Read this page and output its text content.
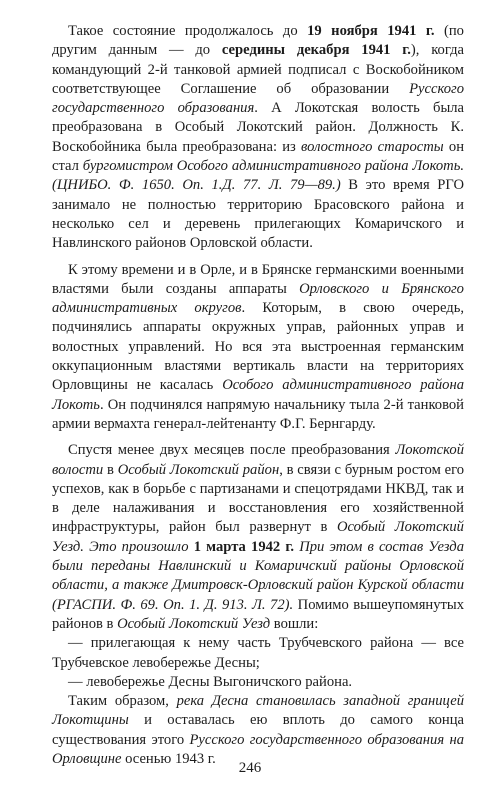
Такое состояние продолжалось до 19 ноября 1941 г. (по другим данным — до середины декабря 1941 г.), когда командующий 2-й танковой армией подписал с Воскобойником соответствующее Соглашение об образовании Русского государственного образования. А Локотская волость была преобразована в Особый Локотский район. Должность К. Воскобойника была преобразована: из волостного старосты он стал бургомистром Особого административного района Локоть. (ЦНИБО. Ф. 1650. Оп. 1.Д. 77. Л. 79—89.) В это время РГО занимало не полностью территорию Брасовского района и несколько сел и деревень прилегающих Комаричского и Навлинского районов Орловской области.

К этому времени и в Орле, и в Брянске германскими военными властями были созданы аппараты Орловского и Брянского административных округов. Которым, в свою очередь, подчинялись аппараты окружных управ, районных управ и волостных управлений. Но вся эта выстроенная германским оккупационным властями вертикаль власти на территориях Орловщины не касалась Особого административного района Локоть. Он подчинялся напрямую начальнику тыла 2-й танковой армии вермахта генерал-лейтенанту Ф.Г. Бернгарду.

Спустя менее двух месяцев после преобразования Локотской волости в Особый Локотский район, в связи с бурным ростом его успехов, как в борьбе с партизанами и спецотрядами НКВД, так и в деле налаживания и восстановления его хозяйственной инфраструктуры, район был развернут в Особый Локотский Уезд. Это произошло 1 марта 1942 г. При этом в состав Уезда были переданы Навлинский и Комаричский районы Орловской области, а также Дмитровск-Орловский район Курской области (РГАСПИ. Ф. 69. Оп. 1. Д. 913. Л. 72). Помимо вышеупомянутых районов в Особый Локотский Уезд вошли:

— прилегающая к нему часть Трубчевского района — все Трубчевское левобережье Десны;

— левобережье Десны Выгоничского района.

Таким образом, река Десна становилась западной границей Локотщины и оставалась ею вплоть до самого конца существования этого Русского государственного образования на Орловщине осенью 1943 г.

246
